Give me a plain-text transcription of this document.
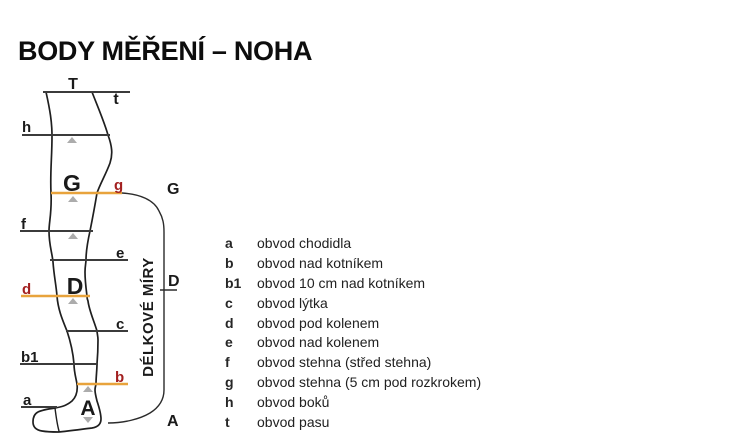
BODY MĚŘENÍ – NOHA
T
t
h
G g
f
e
D
d
c
b1
b
a A
G
D
A
DÉLKOVÉ MÍRY
a	obvod chodidla
b	obvod nad kotníkem
b1	obvod 10 cm nad kotníkem
c	obvod lýtka
d	obvod pod kolenem
e	obvod nad kolenem
f	obvod stehna (střed stehna)
g	obvod stehna (5 cm pod rozkrokem)
h	obvod boků
t	obvod pasu
